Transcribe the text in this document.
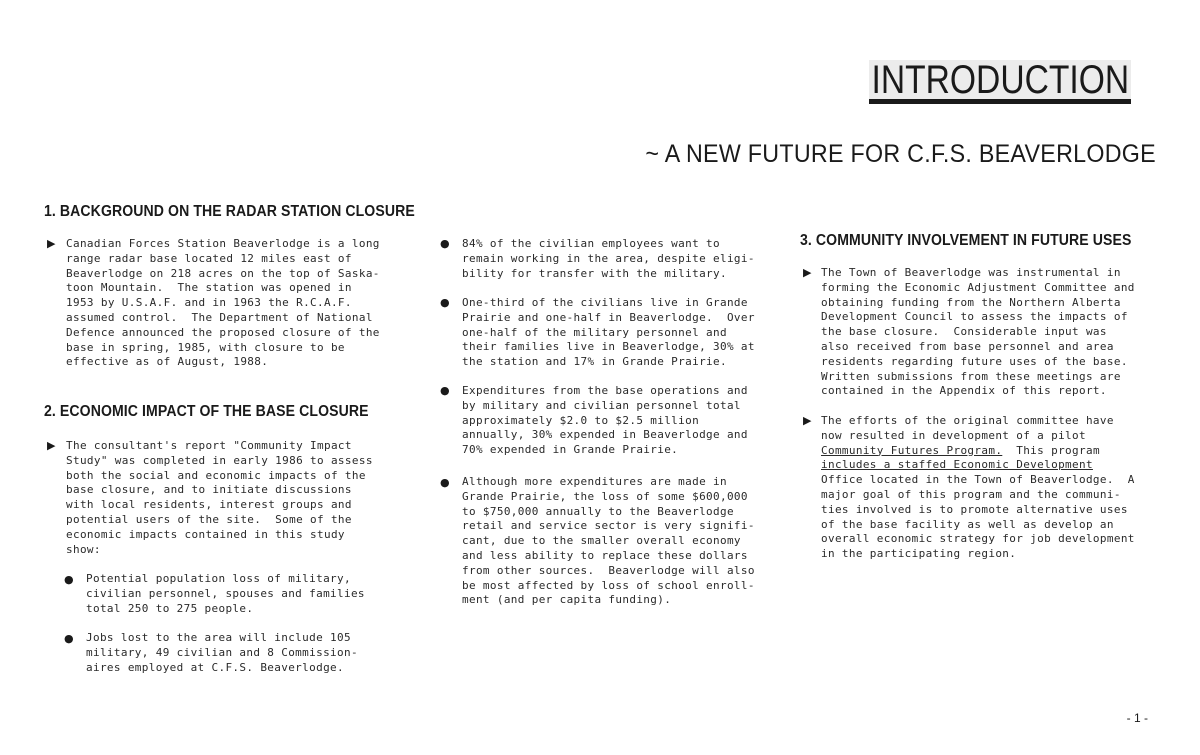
INTRODUCTION
~ A NEW FUTURE FOR C.F.S. BEAVERLODGE
1. BACKGROUND ON THE RADAR STATION CLOSURE
▶ Canadian Forces Station Beaverlodge is a long

range radar base located 12 miles east of

Beaverlodge on 218 acres on the top of Saska-

toon Mountain.  The station was opened in

1953 by U.S.A.F. and in 1963 the R.C.A.F.

assumed control.  The Department of National

Defence announced the proposed closure of the

base in spring, 1985, with closure to be

effective as of August, 1988.

2. ECONOMIC IMPACT OF THE BASE CLOSURE
▶ The consultant's report "Community Impact

Study" was completed in early 1986 to assess

both the social and economic impacts of the

base closure, and to initiate discussions

with local residents, interest groups and

potential users of the site.  Some of the

economic impacts contained in this study

show:

● Potential population loss of military,

civilian personnel, spouses and families

total 250 to 275 people.

● Jobs lost to the area will include 105

military, 49 civilian and 8 Commission-

aires employed at C.F.S. Beaverlodge.

● 84% of the civilian employees want to

remain working in the area, despite eligi-

bility for transfer with the military.

● One-third of the civilians live in Grande

Prairie and one-half in Beaverlodge.  Over

one-half of the military personnel and

their families live in Beaverlodge, 30% at

the station and 17% in Grande Prairie.

● Expenditures from the base operations and

by military and civilian personnel total

approximately $2.0 to $2.5 million

annually, 30% expended in Beaverlodge and

70% expended in Grande Prairie.

● Although more expenditures are made in

Grande Prairie, the loss of some $600,000

to $750,000 annually to the Beaverlodge

retail and service sector is very signifi-

cant, due to the smaller overall economy

and less ability to replace these dollars

from other sources.  Beaverlodge will also

be most affected by loss of school enroll-

ment (and per capita funding).

3. COMMUNITY INVOLVEMENT IN FUTURE USES
▶ The Town of Beaverlodge was instrumental in

forming the Economic Adjustment Committee and

obtaining funding from the Northern Alberta

Development Council to assess the impacts of

the base closure.  Considerable input was

also received from base personnel and area

residents regarding future uses of the base.

Written submissions from these meetings are

contained in the Appendix of this report.

▶ The efforts of the original committee have

now resulted in development of a pilot

Community Futures Program.  This program

includes a staffed Economic Development

Office located in the Town of Beaverlodge.  A

major goal of this program and the communi-

ties involved is to promote alternative uses

of the base facility as well as develop an

overall economic strategy for job development

in the participating region.

- 1 -
